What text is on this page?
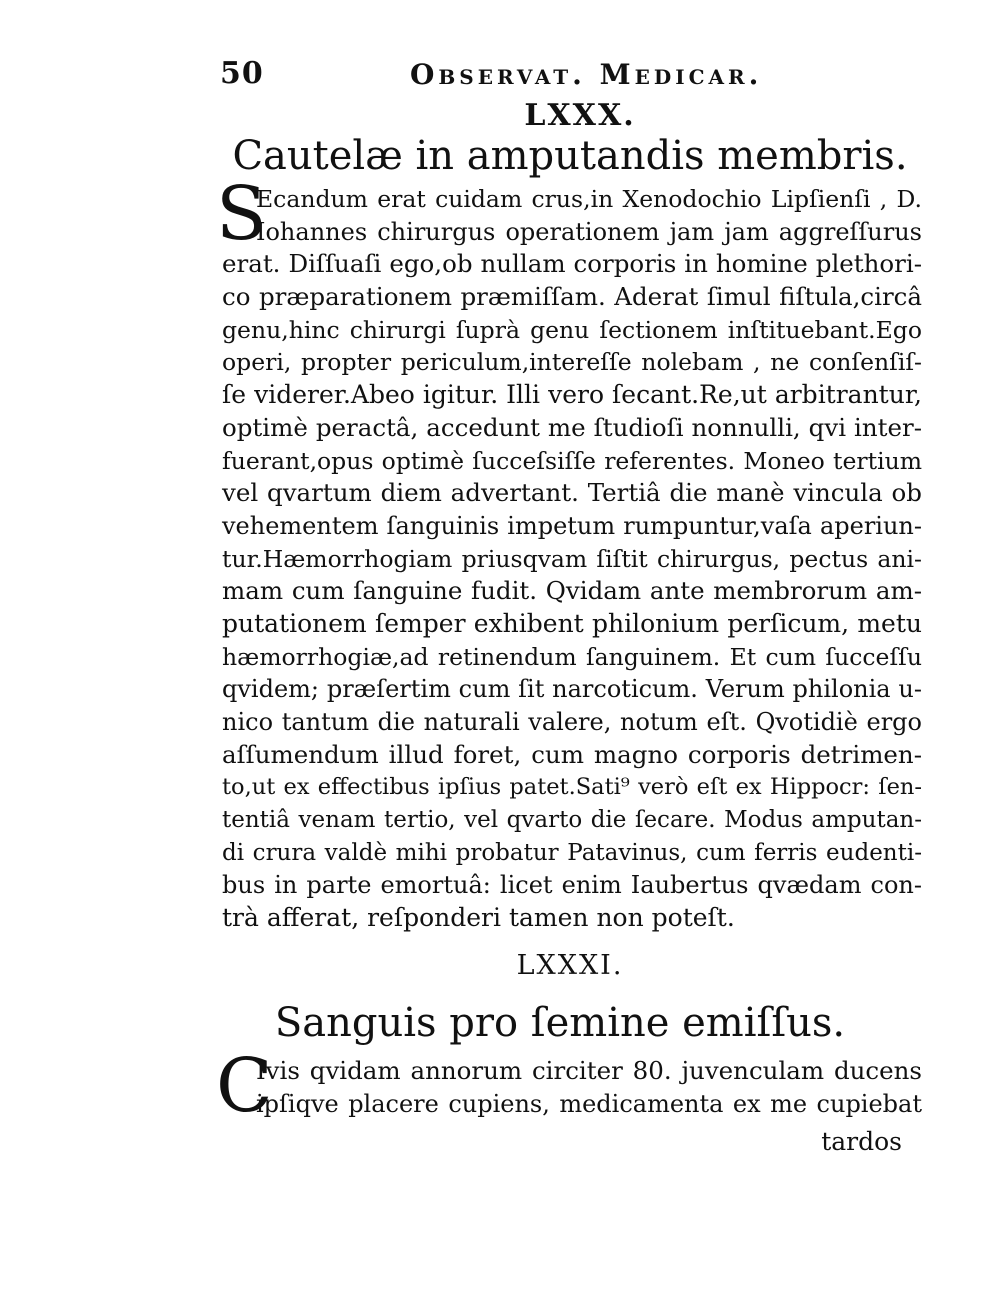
50	Observat. Medicar.
LXXX.
Cautelæ in amputandis membris.
S
Ecandum erat cuidam crus,in Xenodochio Lipſienſi , D.
Iohannes chirurgus operationem jam jam aggreſſurus
erat. Diſſuaſi ego,ob nullam corporis in homine plethori-
co præparationem præmiſſam. Aderat ſimul fiſtula,circâ
genu,hinc chirurgi ſuprà genu ſectionem inſtituebant.Ego
operi, propter periculum,intereſſe nolebam , ne conſenſiſ-
ſe viderer.Abeo igitur. Illi vero ſecant.Re,ut arbitrantur,
optimè peractâ, accedunt me ſtudioſi nonnulli, qvi inter-
fuerant,opus optimè ſucceſsiſſe referentes. Moneo tertium
vel qvartum diem advertant. Tertiâ die manè vincula ob
vehementem ſanguinis impetum rumpuntur,vaſa aperiun-
tur.Hæmorrhogiam priusqvam ſiſtit chirurgus, pectus ani-
mam cum ſanguine fudit. Qvidam ante membrorum am-
putationem ſemper exhibent philonium perſicum, metu
hæmorrhogiæ,ad retinendum ſanguinem. Et cum ſucceſſu
qvidem; præſertim cum ſit narcoticum. Verum philonia u-
nico tantum die naturali valere, notum eſt. Qvotidiè ergo
aſſumendum illud foret, cum magno corporis detrimen-
to,ut ex effectibus ipſius patet.Sati⁹ verò eſt ex Hippocr: ſen-
tentiâ venam tertio, vel qvarto die ſecare. Modus amputan-
di crura valdè mihi probatur Patavinus, cum ferris eudenti-
bus in parte emortuâ: licet enim Iaubertus qvædam con-
trà afferat, reſponderi tamen non poteſt.
LXXXI.
Sanguis pro ſemine emiſſus.
C
Ivis qvidam annorum circiter 80. juvenculam ducens
ipſiqve placere cupiens, medicamenta ex me cupiebat
tardos
